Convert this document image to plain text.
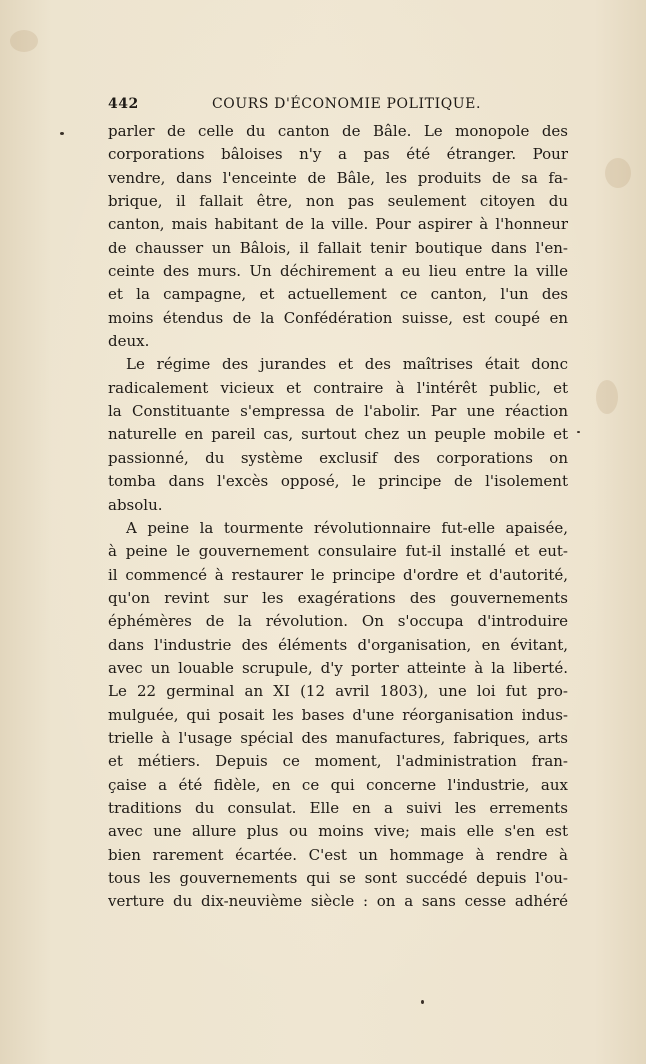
442	COURS D'ÉCONOMIE POLITIQUE.
parler de celle du canton de Bâle. Le monopole des
corporations bâloises n'y a pas été étranger. Pour
vendre, dans l'enceinte de Bâle, les produits de sa fa-
brique, il fallait être, non pas seulement citoyen du
canton, mais habitant de la ville. Pour aspirer à l'honneur
de chausser un Bâlois, il fallait tenir boutique dans l'en-
ceinte des murs. Un déchirement a eu lieu entre la ville
et la campagne, et actuellement ce canton, l'un des
moins étendus de la Confédération suisse, est coupé en
deux.
Le régime des jurandes et des maîtrises était donc
radicalement vicieux et contraire à l'intérêt public, et
la Constituante s'empressa de l'abolir. Par une réaction
naturelle en pareil cas, surtout chez un peuple mobile et
passionné, du système exclusif des corporations on
tomba dans l'excès opposé, le principe de l'isolement
absolu.
A peine la tourmente révolutionnaire fut-elle apaisée,
à peine le gouvernement consulaire fut-il installé et eut-
il commencé à restaurer le principe d'ordre et d'autorité,
qu'on revint sur les exagérations des gouvernements
éphémères de la révolution. On s'occupa d'introduire
dans l'industrie des éléments d'organisation, en évitant,
avec un louable scrupule, d'y porter atteinte à la liberté.
Le 22 germinal an XI (12 avril 1803), une loi fut pro-
mulguée, qui posait les bases d'une réorganisation indus-
trielle à l'usage spécial des manufactures, fabriques, arts
et métiers. Depuis ce moment, l'administration fran-
çaise a été fidèle, en ce qui concerne l'industrie, aux
traditions du consulat. Elle en a suivi les errements
avec une allure plus ou moins vive; mais elle s'en est
bien rarement écartée. C'est un hommage à rendre à
tous les gouvernements qui se sont succédé depuis l'ou-
verture du dix-neuvième siècle : on a sans cesse adhéré
